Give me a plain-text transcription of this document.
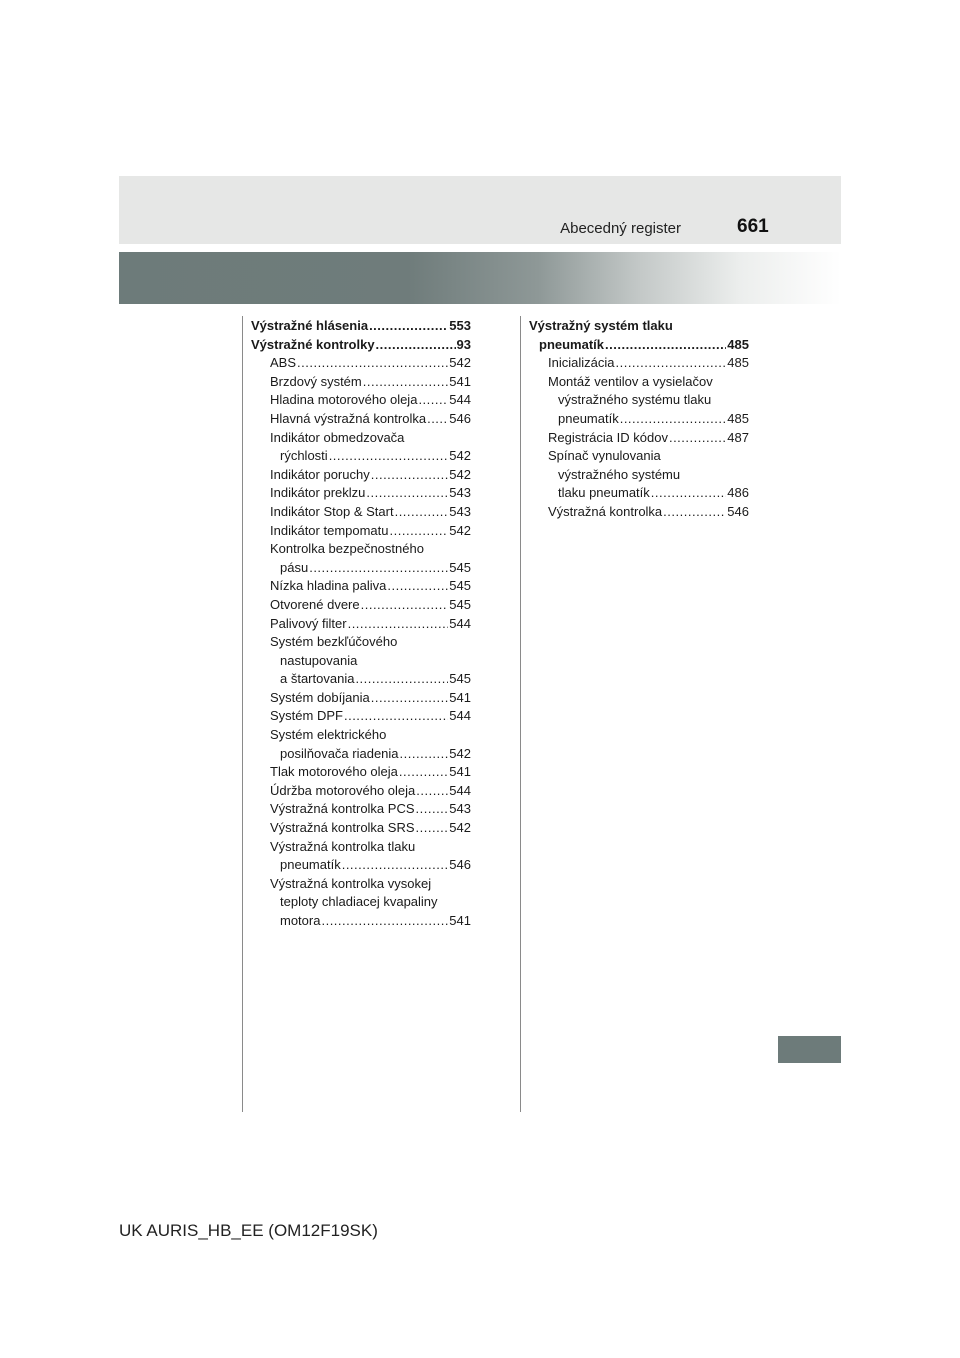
Abecedný register	661
Výstražné hlásenia .....	553
Výstražné kontrolky .....	93
ABS .....	542
Brzdový systém .....	541
Hladina motorového oleja ..... 544
Hlavná výstražná kontrolka ..... 546
Indikátor obmedzovača
rýchlosti .....	542
Indikátor poruchy .....	542
Indikátor preklzu .....	543
Indikátor Stop & Start .....	543
Indikátor tempomatu .....	542
Kontrolka bezpečnostného
pásu .....	545
Nízka hladina paliva .....	545
Otvorené dvere .....	545
Palivový filter .....	544
Systém bezkľúčového
nastupovania
a štartovania .....	545
Systém dobíjania .....	541
Systém DPF .....	544
Systém elektrického
posilňovača riadenia .....	542
Tlak motorového oleja .....	541
Údržba motorového oleja .....	544
Výstražná kontrolka PCS .....	543
Výstražná kontrolka SRS .....	542
Výstražná kontrolka tlaku
pneumatík .....	546
Výstražná kontrolka vysokej
teploty chladiacej kvapaliny
motora .....	541
Výstražný systém tlaku
pneumatík .....	485
Inicializácia .....	485
Montáž ventilov a vysielačov
výstražného systému tlaku
pneumatík .....	485
Registrácia ID kódov .....	487
Spínač vynulovania
výstražného systému
tlaku pneumatík .....	486
Výstražná kontrolka .....	546
UK AURIS_HB_EE (OM12F19SK)
